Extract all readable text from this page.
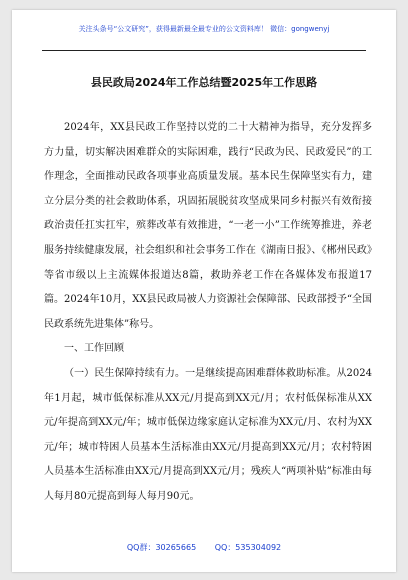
关注头条号“公文研究”，获得最新最全最专业的公文资料库！ 微信：gongwenyj
县民政局2024年工作总结暨2025年工作思路

2024年，XX县民政工作坚持以党的二十大精神为指导，充分发挥多方力量，切实解决困难群众的实际困难，践行“民政为民、民政爱民”的工作理念，全面推动民政各项事业高质量发展。基本民生保障坚实有力，建立分层分类的社会救助体系，巩固拓展脱贫攻坚成果同乡村振兴有效衔接政治责任扛实扛牢，殡葬改革有效推进，“一老一小”工作统筹推进，养老服务持续健康发展，社会组织和社会事务工作在《湖南日报》、《郴州民政》等省市级以上主流媒体报道达8篇，救助养老工作在各媒体发布报道17篇。2024年10月，XX县民政局被人力资源社会保障部、民政部授予“全国民政系统先进集体”称号。

一、工作回顾

（一）民生保障持续有力。一是继续提高困难群体救助标准。从2024年1月起，城市低保标准从XX元/月提高到XX元/月；农村低保标准从XX元/年提高到XX元/年；城市低保边缘家庭认定标准为XX元/月、农村为XX元/年；城市特困人员基本生活标准由XX元/月提高到XX元/月；农村特困人员基本生活标准由XX元/月提高到XX元/月；残疾人“两项补贴”标准由每人每月80元提高到每人每月90元。

QQ群：30265665 QQ：535304092
